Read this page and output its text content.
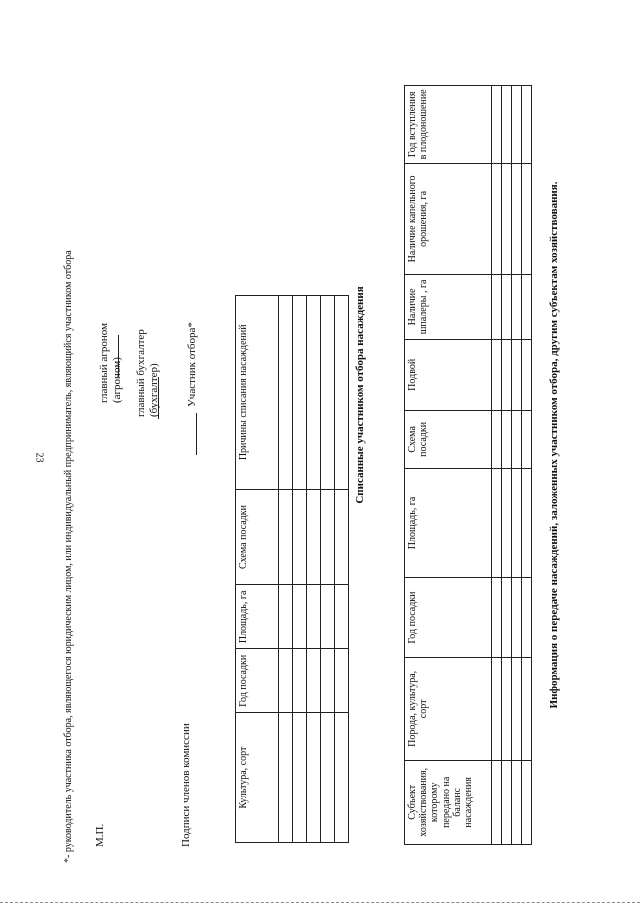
23	Информация о передаче насаждений, заложенных участником отбора, другим субъектам хозяйствования.
Субъект хозяйствования, которому передано на баланс насаждения	Порода, культура, сорт	Год посадки	Площадь, га	Схема посадки	Подвой	Наличие шпалеры , га	Наличие капельного орошения, га	Год вступления в плодоношение

Списанные участником отбора насаждения
Культура, сорт	Год посадки	Площадь, га	Схема посадки	Причины списания насаждений

Подписи членов комиссии
М.П.
Участник отбора*
главный бухгалтер (бухгалтер)
главный агроном (агроном)
*- руководитель участника отбора, являющегося юридическим лицом, или индивидуальный предприниматель, являющийся участником отбора
